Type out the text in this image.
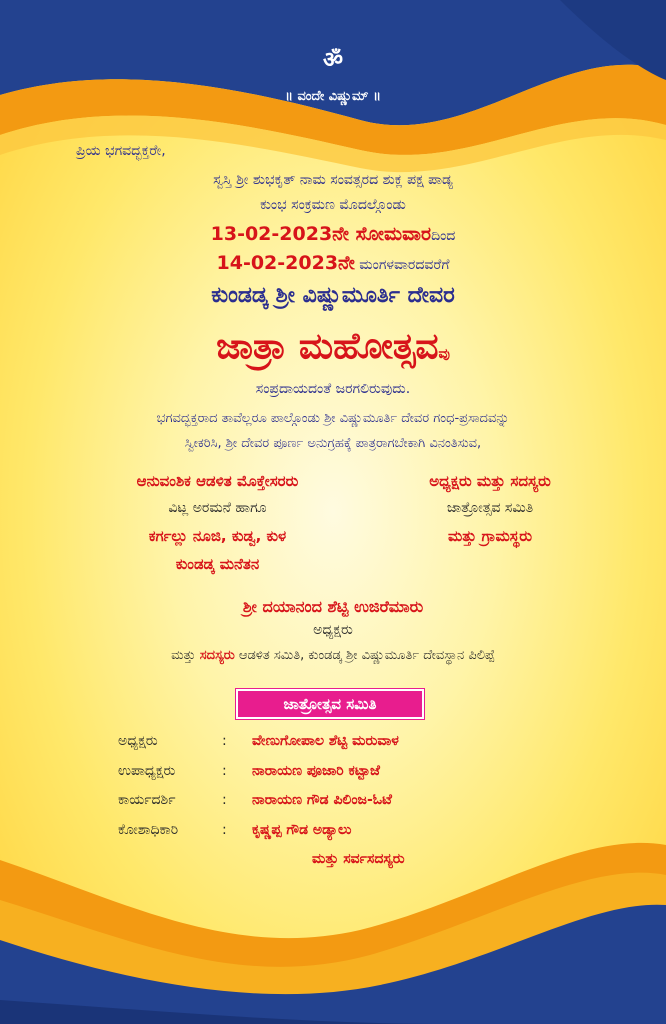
ॐ
॥ ವಂದೇ ವಿಷ್ಣುಮ್ ॥
ಪ್ರಿಯ ಭಗವದ್ಭಕ್ತರೇ,
ಸ್ವಸ್ತಿ ಶ್ರೀ ಶುಭಕೃತ್ ನಾಮ ಸಂವತ್ಸರದ ಶುಕ್ಲ ಪಕ್ಷ ಪಾಡ್ಯ
ಕುಂಭ ಸಂಕ್ರಮಣ ಮೊದಲ್ಗೊಂಡು
13-02-2023ನೇ ಸೋಮವಾರದಿಂದ
14-02-2023ನೇ ಮಂಗಳವಾರದವರೆಗೆ
ಕುಂಡಡ್ಕ ಶ್ರೀ ವಿಷ್ಣುಮೂರ್ತಿ ದೇವರ
ಜಾತ್ರಾ ಮಹೋತ್ಸವವು
ಸಂಪ್ರದಾಯದಂತೆ ಜರಗಲಿರುವುದು.
ಭಗವದ್ಭಕ್ತರಾದ ತಾವೆಲ್ಲರೂ ಪಾಲ್ಗೊಂಡು ಶ್ರೀ ವಿಷ್ಣುಮೂರ್ತಿ ದೇವರ ಗಂಧ-ಪ್ರಸಾದವನ್ನು
ಸ್ವೀಕರಿಸಿ, ಶ್ರೀ ದೇವರ ಪೂರ್ಣ ಅನುಗ್ರಹಕ್ಕೆ ಪಾತ್ರರಾಗಬೇಕಾಗಿ ವಿನಂತಿಸುವ,
ಆನುವಂಶಿಕ ಆಡಳಿತ ಮೊಕ್ತೇಸರರು
ವಿಟ್ಲ ಅರಮನೆ ಹಾಗೂ
ಕರ್ಗಲ್ಲು ನೂಜಿ, ಕುಡ್ವ, ಕುಳ
ಕುಂಡಡ್ಕ ಮನೆತನ
ಅಧ್ಯಕ್ಷರು ಮತ್ತು ಸದಸ್ಯರು
ಜಾತ್ರೋತ್ಸವ ಸಮಿತಿ
ಮತ್ತು ಗ್ರಾಮಸ್ಥರು
ಶ್ರೀ ದಯಾನಂದ ಶೆಟ್ಟಿ ಉಜಿರೆಮಾರು
ಅಧ್ಯಕ್ಷರು
ಮತ್ತು ಸದಸ್ಯರು ಆಡಳಿತ ಸಮಿತಿ, ಕುಂಡಡ್ಕ ಶ್ರೀ ವಿಷ್ಣುಮೂರ್ತಿ ದೇವಸ್ಥಾನ ಪಿಲಿಪ್ಪೆ
ಜಾತ್ರೋತ್ಸವ ಸಮಿತಿ
ಅಧ್ಯಕ್ಷರು	: ವೇಣುಗೋಪಾಲ ಶೆಟ್ಟಿ ಮರುವಾಳ
ಉಪಾಧ್ಯಕ್ಷರು	: ನಾರಾಯಣ ಪೂಜಾರಿ ಕಟ್ಟಾಜೆ
ಕಾರ್ಯದರ್ಶಿ	: ನಾರಾಯಣ ಗೌಡ ಪಿಲಿಂಜ-ಓಟೆ
ಕೋಶಾಧಿಕಾರಿ	: ಕೃಷ್ಣಪ್ಪ ಗೌಡ ಅಡ್ಯಾಲು
ಮತ್ತು ಸರ್ವಸದಸ್ಯರು
